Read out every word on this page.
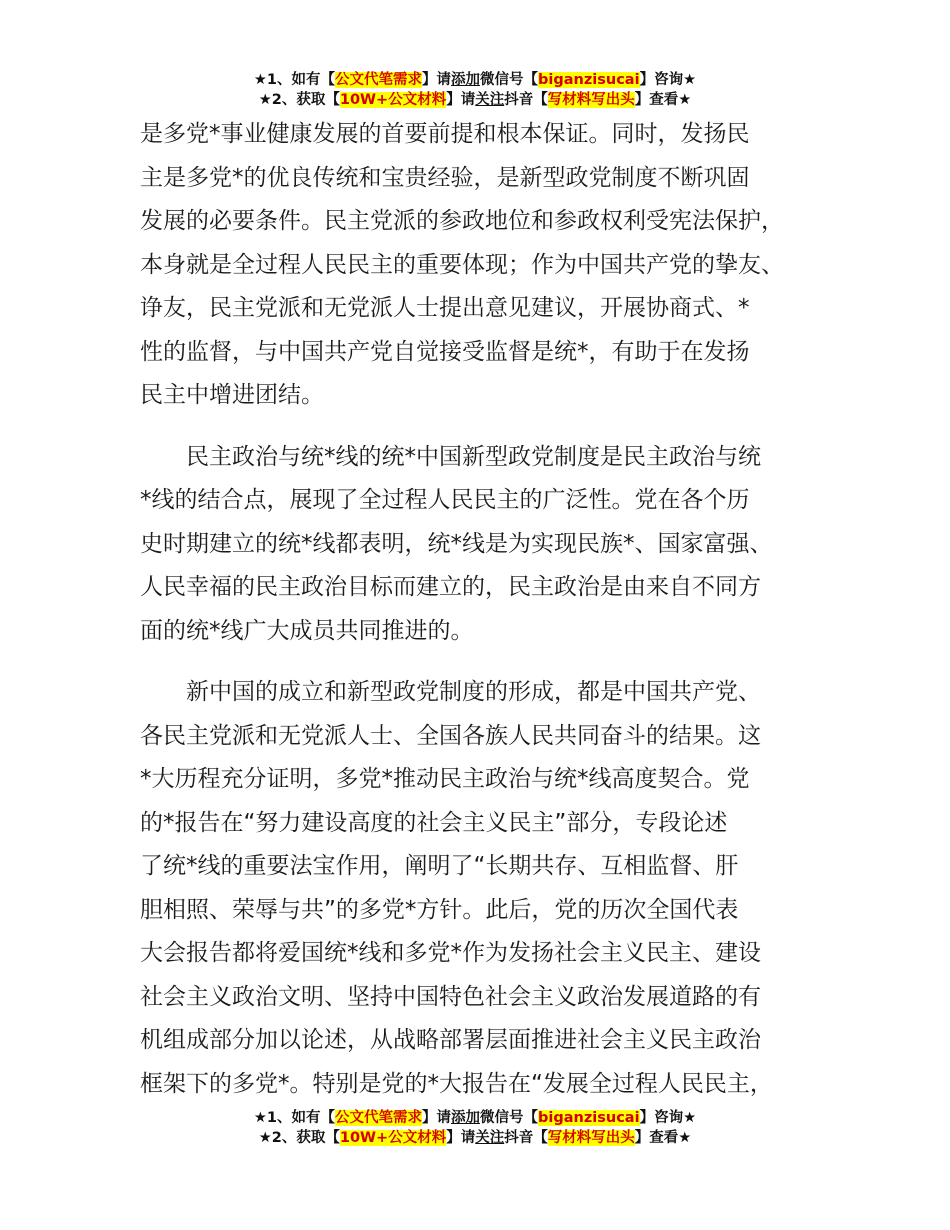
★1、如有【公文代笔需求】请添加微信号【biganzisucai】咨询★
★2、获取【10W+公文材料】请关注抖音【写材料写出头】查看★
是多党*事业健康发展的首要前提和根本保证。同时，发扬民
主是多党*的优良传统和宝贵经验，是新型政党制度不断巩固
发展的必要条件。民主党派的参政地位和参政权利受宪法保护，
本身就是全过程人民民主的重要体现；作为中国共产党的挚友、
诤友，民主党派和无党派人士提出意见建议，开展协商式、*
性的监督，与中国共产党自觉接受监督是统*，有助于在发扬
民主中增进团结。
　　民主政治与统*线的统*中国新型政党制度是民主政治与统
*线的结合点，展现了全过程人民民主的广泛性。党在各个历
史时期建立的统*线都表明，统*线是为实现民族*、国家富强、
人民幸福的民主政治目标而建立的，民主政治是由来自不同方
面的统*线广大成员共同推进的。
　　新中国的成立和新型政党制度的形成，都是中国共产党、
各民主党派和无党派人士、全国各族人民共同奋斗的结果。这
*大历程充分证明，多党*推动民主政治与统*线高度契合。党
的*报告在“努力建设高度的社会主义民主”部分，专段论述
了统*线的重要法宝作用，阐明了“长期共存、互相监督、肝
胆相照、荣辱与共”的多党*方针。此后，党的历次全国代表
大会报告都将爱国统*线和多党*作为发扬社会主义民主、建设
社会主义政治文明、坚持中国特色社会主义政治发展道路的有
机组成部分加以论述，从战略部署层面推进社会主义民主政治
框架下的多党*。特别是党的*大报告在“发展全过程人民民主，
★1、如有【公文代笔需求】请添加微信号【biganzisucai】咨询★
★2、获取【10W+公文材料】请关注抖音【写材料写出头】查看★
